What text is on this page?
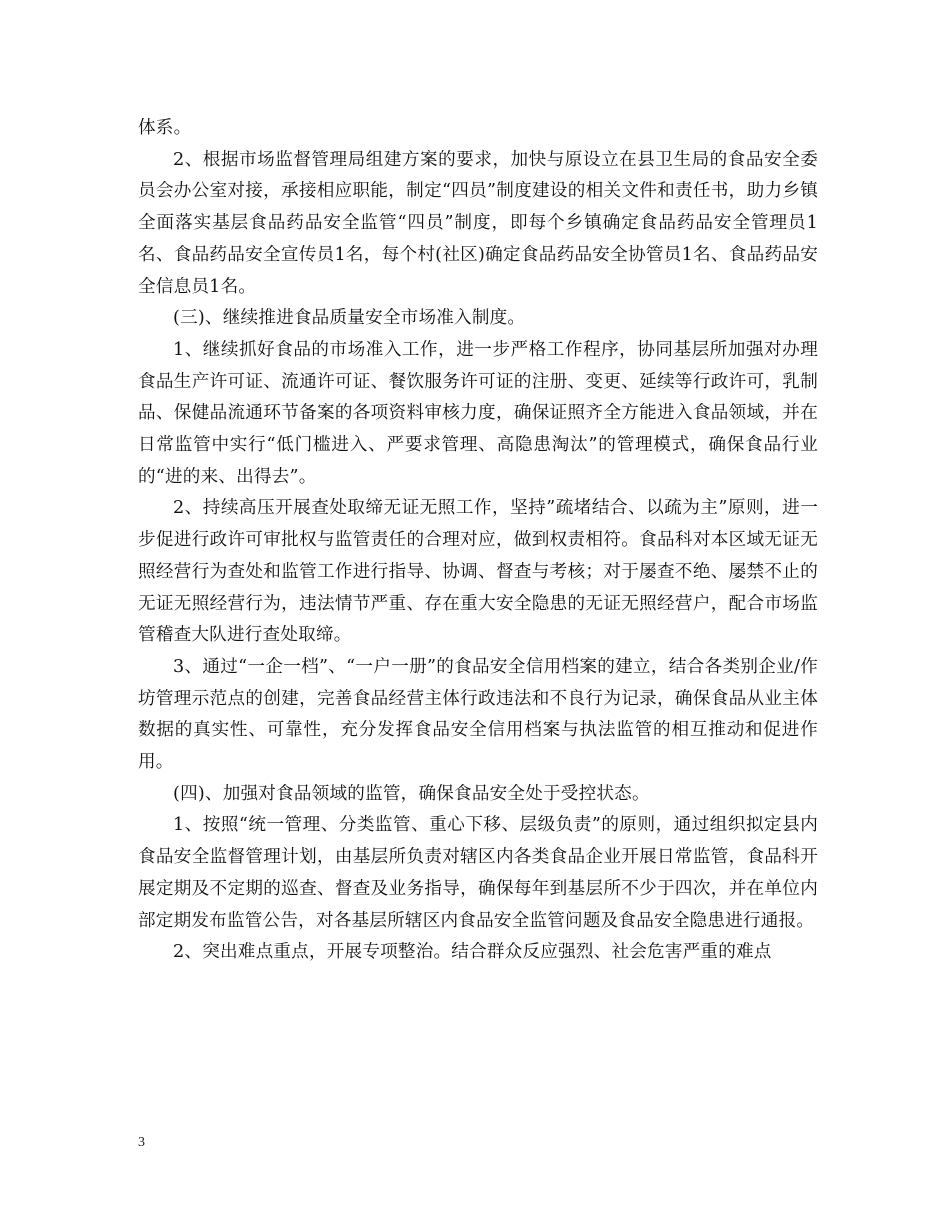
体系。

2、根据市场监督管理局组建方案的要求，加快与原设立在县卫生局的食品安全委员会办公室对接，承接相应职能，制定“四员”制度建设的相关文件和责任书，助力乡镇全面落实基层食品药品安全监管“四员”制度，即每个乡镇确定食品药品安全管理员1名、食品药品安全宣传员1名，每个村(社区)确定食品药品安全协管员1名、食品药品安全信息员1名。

(三)、继续推进食品质量安全市场准入制度。

1、继续抓好食品的市场准入工作，进一步严格工作程序，协同基层所加强对办理食品生产许可证、流通许可证、餐饮服务许可证的注册、变更、延续等行政许可，乳制品、保健品流通环节备案的各项资料审核力度，确保证照齐全方能进入食品领域，并在日常监管中实行“低门槛进入、严要求管理、高隐患淘汰”的管理模式，确保食品行业的“进的来、出得去”。

2、持续高压开展查处取缔无证无照工作，坚持”疏堵结合、以疏为主”原则，进一步促进行政许可审批权与监管责任的合理对应，做到权责相符。食品科对本区域无证无照经营行为查处和监管工作进行指导、协调、督查与考核；对于屡查不绝、屡禁不止的无证无照经营行为，违法情节严重、存在重大安全隐患的无证无照经营户，配合市场监管稽查大队进行查处取缔。

3、通过“一企一档”、“一户一册”的食品安全信用档案的建立，结合各类别企业/作坊管理示范点的创建，完善食品经营主体行政违法和不良行为记录，确保食品从业主体数据的真实性、可靠性，充分发挥食品安全信用档案与执法监管的相互推动和促进作用。

(四)、加强对食品领域的监管，确保食品安全处于受控状态。

1、按照“统一管理、分类监管、重心下移、层级负责”的原则，通过组织拟定县内食品安全监督管理计划，由基层所负责对辖区内各类食品企业开展日常监管，食品科开展定期及不定期的巡查、督查及业务指导，确保每年到基层所不少于四次，并在单位内部定期发布监管公告，对各基层所辖区内食品安全监管问题及食品安全隐患进行通报。

2、突出难点重点，开展专项整治。结合群众反应强烈、社会危害严重的难点

3
